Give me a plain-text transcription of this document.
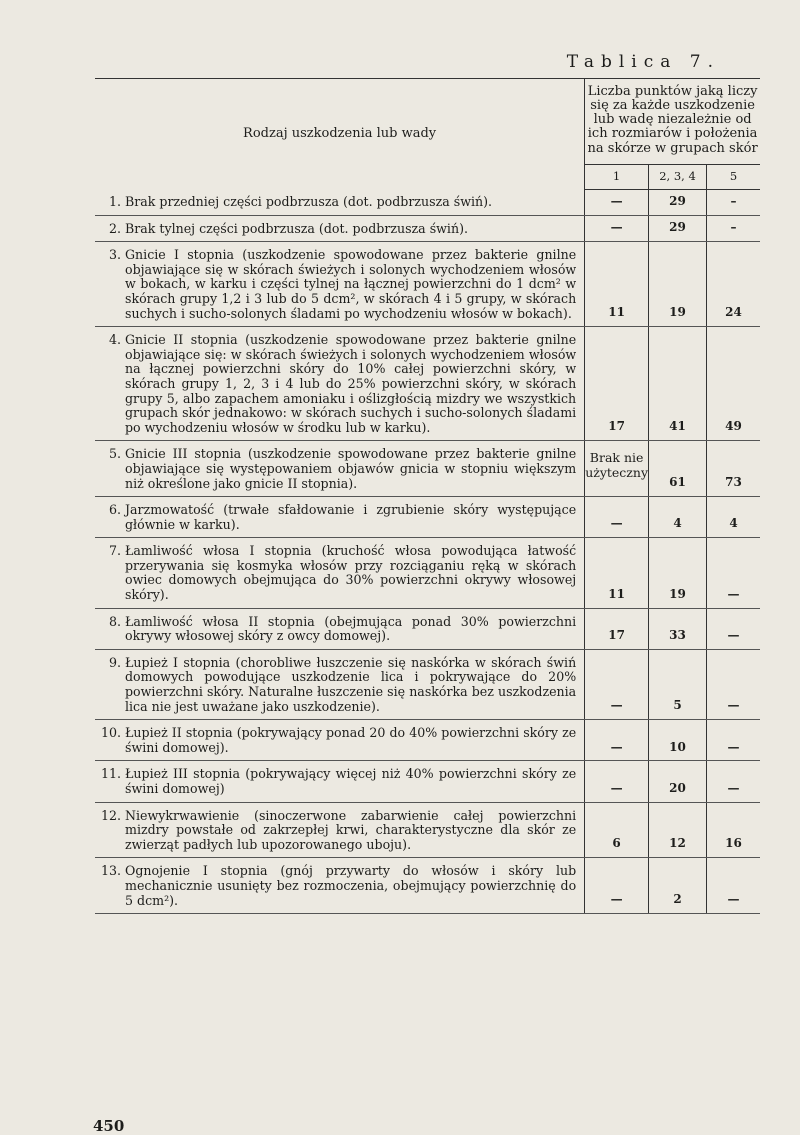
Tablica 7.
Rodzaj uszkodzenia lub wady	Liczba punktów jaką liczy się za każde uszkodzenie lub wadę niezależnie od ich rozmiarów i położenia na skórze w grupach skór		
	1	2, 3, 4	5
1. Brak przedniej części podbrzusza (dot. podbrzusza świń).	—	29	–
2. Brak tylnej części podbrzusza (dot. podbrzusza świń).	—	29	–
3. Gnicie I stopnia (uszkodzenie spowodowane przez bakterie gnilne objawiające się w skórach świeżych i solonych wychodzeniem włosów w bokach, w karku i części tylnej na łącznej powierzchni do 1 dcm² w skórach grupy 1,2 i 3 lub do 5 dcm², w skórach 4 i 5 grupy, w skórach suchych i sucho-solonych śladami po wychodzeniu włosów w bokach).	11	19	24
4. Gnicie II stopnia (uszkodzenie spowodowane przez bakterie gnilne objawiające się: w skórach świeżych i solonych wychodzeniem włosów na łącznej powierzchni skóry do 10% całej powierzchni skóry, w skórach grupy 1, 2, 3 i 4 lub do 25% powierzchni skóry, w skórach grupy 5, albo zapachem amoniaku i oślizgłością mizdry we wszystkich grupach skór jednakowo: w skórach suchych i sucho-solonych śladami po wychodzeniu włosów w środku lub w karku).	17	41	49
5. Gnicie III stopnia (uszkodzenie spowodowane przez bakterie gnilne objawiające się występowaniem objawów gnicia w stopniu większym niż określone jako gnicie II stopnia).	Brak nie użyteczny	61	73
6. Jarzmowatość (trwałe sfałdowanie i zgrubienie skóry występujące głównie w karku).	—	4	4
7. Łamliwość włosa I stopnia (kruchość włosa powodująca łatwość przerywania się kosmyka włosów przy rozciąganiu ręką w skórach owiec domowych obejmująca do 30% powierzchni okrywy włosowej skóry).	11	19	—
8. Łamliwość włosa II stopnia (obejmująca ponad 30% powierzchni okrywy włosowej skóry z owcy domowej).	17	33	—
9. Łupież I stopnia (chorobliwe łuszczenie się naskórka w skórach świń domowych powodujące uszkodzenie lica i pokrywające do 20% powierzchni skóry. Naturalne łuszczenie się naskórka bez uszkodzenia lica nie jest uważane jako uszkodzenie).	—	5	—
10. Łupież II stopnia (pokrywający ponad 20 do 40% powierzchni skóry ze świni domowej).	—	10	—
11. Łupież III stopnia (pokrywający więcej niż 40% powierzchni skóry ze świni domowej)	—	20	—
12. Niewykrwawienie (sinoczerwone zabarwienie całej powierzchni mizdry powstałe od zakrzepłej krwi, charakterystyczne dla skór ze zwierząt padłych lub upozorowanego uboju).	6	12	16
13. Ognojenie I stopnia (gnój przywarty do włosów i skóry lub mechanicznie usunięty bez rozmoczenia, obejmujący powierzchnię do 5 dcm²).	—	2	—
450
